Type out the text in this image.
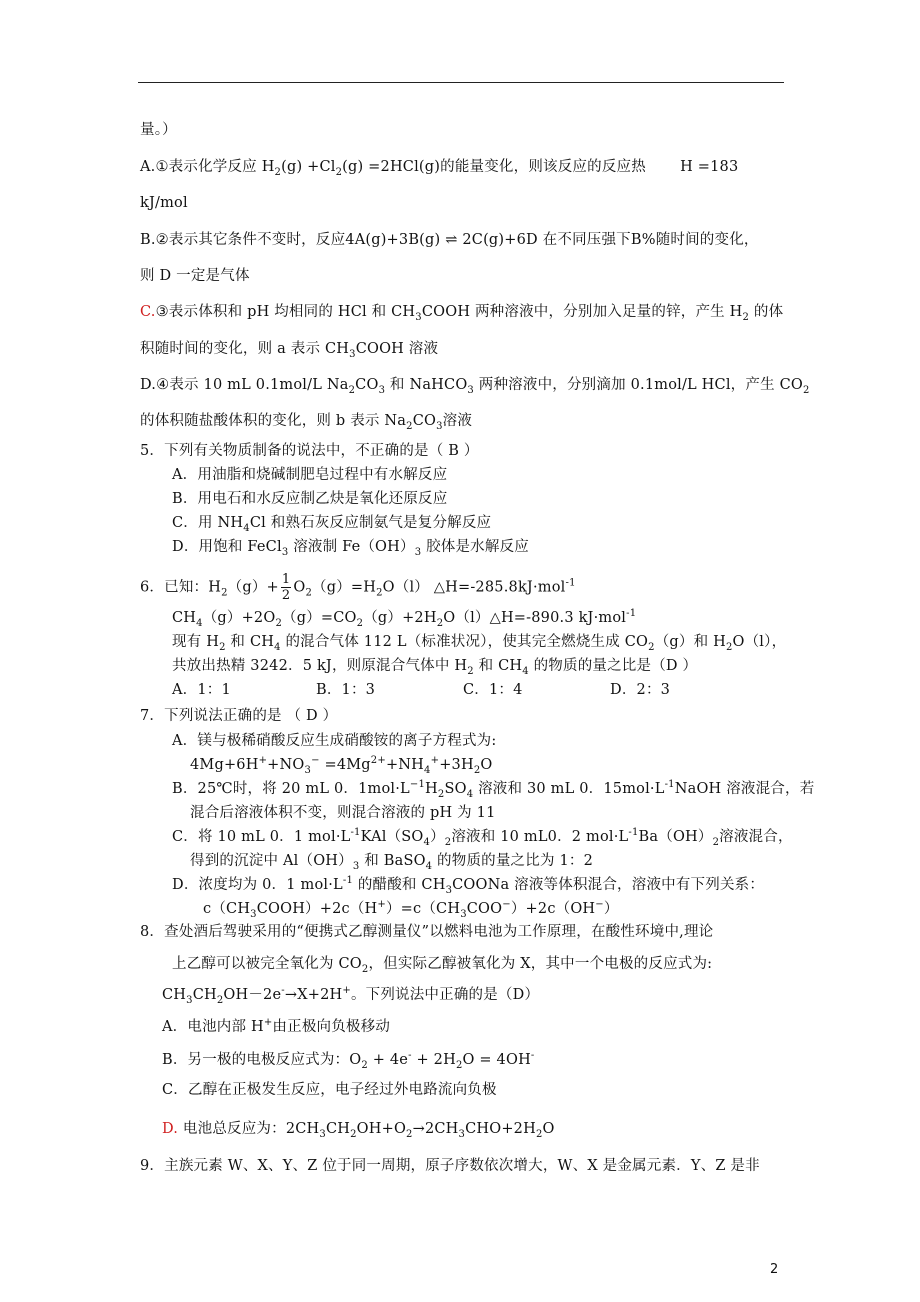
量。）
A.①表示化学反应 $H_2(g) +Cl_2(g) =2HCl(g)$的能量变化，则该反应的反应热   H =183
kJ/mol
B.②表示其它条件不变时，反应4A(g)+3B(g) ⇌ 2C(g)+6D 在不同压强下B%随时间的变化，
则 D 一定是气体
C.③表示体积和 pH 均相同的 HCl 和 $CH_3COOH$ 两种溶液中，分别加入足量的锌，产生 $H_2$ 的体
积随时间的变化，则 a 表示 $CH_3COOH$ 溶液
D.④表示 10 mL 0.1mol/L $Na_2CO_3$ 和 NaHCO$_3$ 两种溶液中，分别滴加 0.1mol/L HCl，产生 $CO_2$
的体积随盐酸体积的变化，则 b 表示 $Na_2CO_3$溶液
5．下列有关物质制备的说法中，不正确的是（ B ）
A．用油脂和烧碱制肥皂过程中有水解反应
B．用电石和水反应制乙炔是氧化还原反应
C．用 $NH_4Cl$ 和熟石灰反应制氨气是复分解反应
D．用饱和 FeCl$_3$ 溶液制 $Fe(OH)_3$ 胶体是水解反应
6．已知：$H_2(g)+ \frac{1}{2} O_2(g)=H_2O(l)$ △H=-285.8kJ·mol$^{-1}$
$CH_4(g)+2O_2(g)=CO_2(g)+2H_2O(l)\triangle H=-890.3$ kJ·mol$^{-1}$
现有 $H_2$ 和 $CH_4$ 的混合气体 112 L（标准状况），使其完全燃烧生成 $CO_2(g)$和 $H_2O(l)$，
共放出热精 3242．5 kJ，则原混合气体中 $H_2$ 和 $CH_4$ 的物质的量之比是（D ）
A．1：1	B．1：3	C．1：4	D．2：3
7．下列说法正确的是 （ D ）
A．镁与极稀硝酸反应生成硝酸铵的离子方程式为:
$4Mg+6H^++NO_3^- =4Mg^{2+}+NH_4^++3H_2O$
B．25℃时，将 20 mL 0．$1mol\cdot L^{-1}H_2SO_4$ 溶液和 30 mL 0．$15mol\cdot L^{-1}NaOH$ 溶液混合，若
混合后溶液体积不变，则混合溶液的 pH 为 11
C．将 10 mL 0．1 $mol\cdot L^{-1}KAl(SO_4)_2$溶液和 10 mL0．2 $mol\cdot L^{-1}Ba(OH)_2$溶液混合，
得到的沉淀中 $Al(OH)_3$ 和 BaSO$_4$ 的物质的量之比为 1：2
D．浓度均为 0．1 $mol\cdot L^{-1}$ 的醋酸和 $CH_3COONa$ 溶液等体积混合，溶液中有下列关系：
$c(CH_3COOH)+2c(H^+)=c(CH_3COO^-)+2c(OH^-)$
8．查处酒后驾驶采用的“便携式乙醇测量仪”以燃料电池为工作原理，在酸性环境中,理论
上乙醇可以被完全氧化为 $CO_2$，但实际乙醇被氧化为 X，其中一个电极的反应式为:
$CH_3CH_2OH-2e^-\to X+2H^+$。下列说法中正确的是（D）
A．电池内部 H+由正极向负极移动
B．另一极的电极反应式为：$O_2 + 4e^- + 2H_2O = 4OH^-$
C．乙醇在正极发生反应，电子经过外电路流向负极
D. 电池总反应为：$2CH_3CH_2OH+O_2\to 2CH_3CHO+2H_2O$
9．主族元素 W、X、Y、Z 位于同一周期，原子序数依次增大，W、X 是金属元素．Y、Z 是非
2
